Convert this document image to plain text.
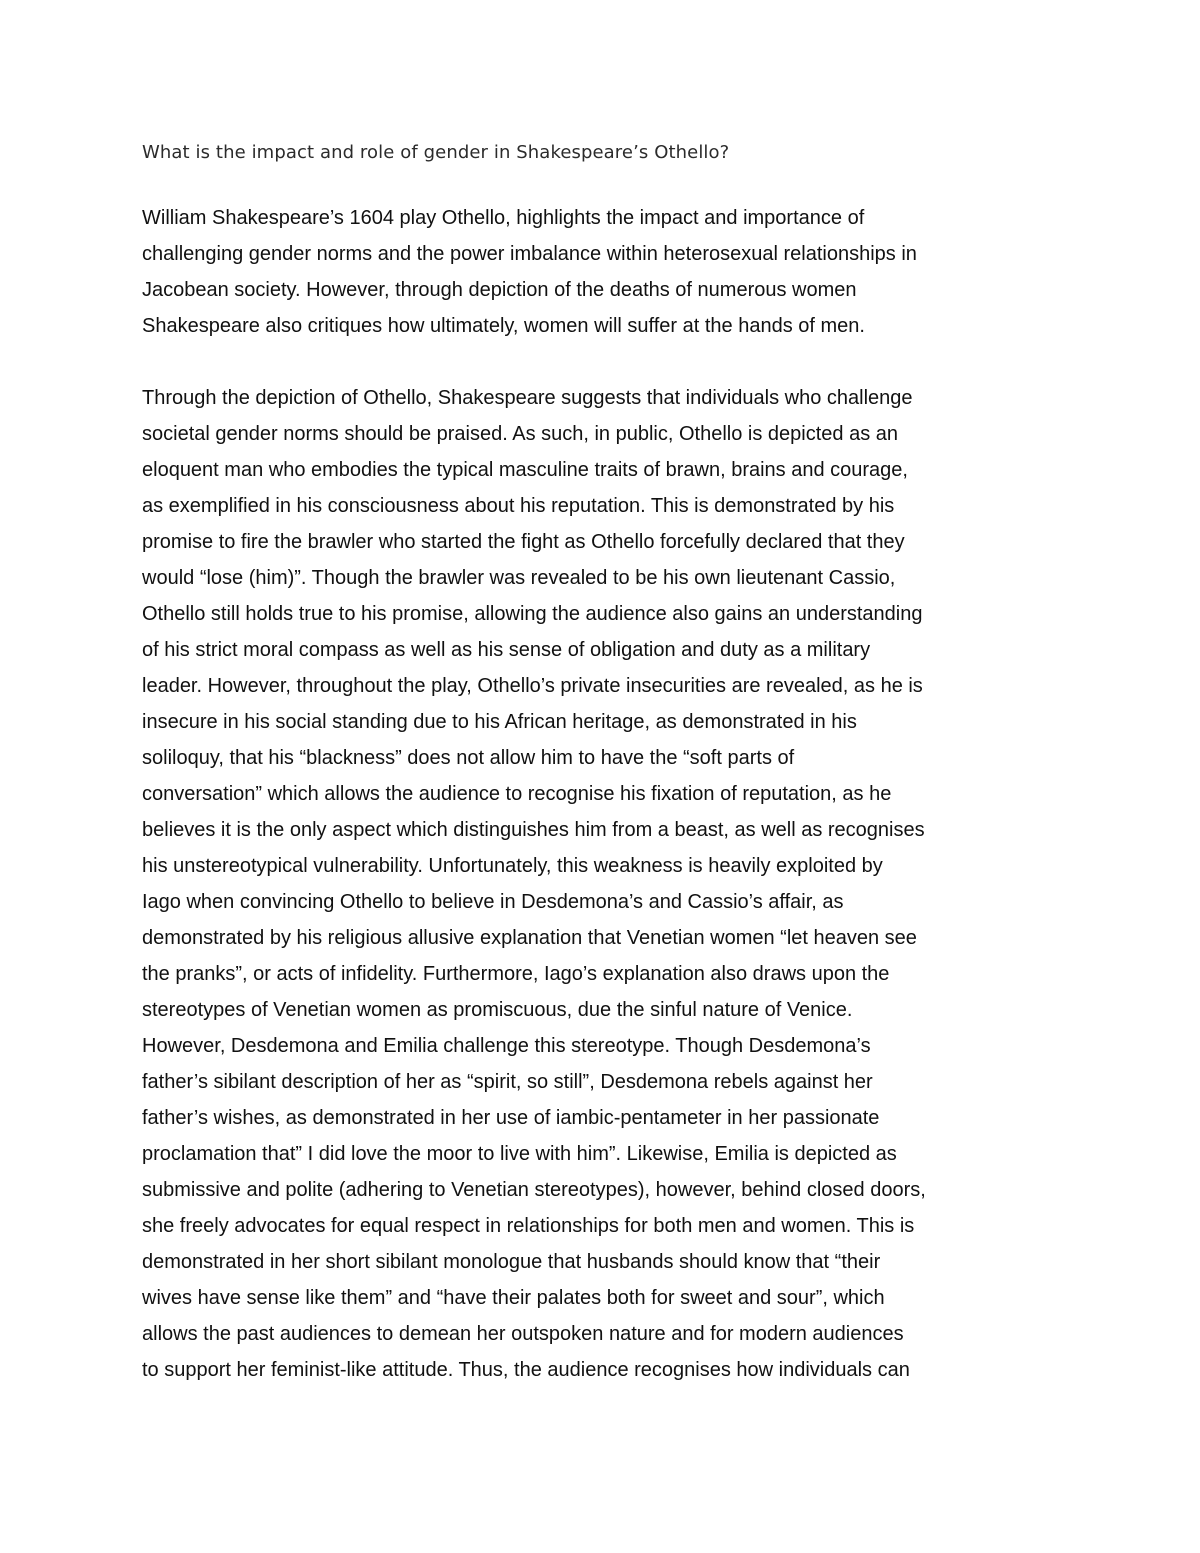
What is the impact and role of gender in Shakespeare’s Othello?

William Shakespeare’s 1604 play Othello, highlights the impact and importance of
challenging gender norms and the power imbalance within heterosexual relationships in
Jacobean society. However, through depiction of the deaths of numerous women
Shakespeare also critiques how ultimately, women will suffer at the hands of men.

Through the depiction of Othello, Shakespeare suggests that individuals who challenge
societal gender norms should be praised. As such, in public, Othello is depicted as an
eloquent man who embodies the typical masculine traits of brawn, brains and courage,
as exemplified in his consciousness about his reputation. This is demonstrated by his
promise to fire the brawler who started the fight as Othello forcefully declared that they
would “lose (him)”. Though the brawler was revealed to be his own lieutenant Cassio,
Othello still holds true to his promise, allowing the audience also gains an understanding
of his strict moral compass as well as his sense of obligation and duty as a military
leader. However, throughout the play, Othello’s private insecurities are revealed, as he is
insecure in his social standing due to his African heritage, as demonstrated in his
soliloquy, that his “blackness” does not allow him to have the “soft parts of
conversation” which allows the audience to recognise his fixation of reputation, as he
believes it is the only aspect which distinguishes him from a beast, as well as recognises
his unstereotypical vulnerability. Unfortunately, this weakness is heavily exploited by
Iago when convincing Othello to believe in Desdemona’s and Cassio’s affair, as
demonstrated by his religious allusive explanation that Venetian women “let heaven see
the pranks”, or acts of infidelity. Furthermore, Iago’s explanation also draws upon the
stereotypes of Venetian women as promiscuous, due the sinful nature of Venice.
However, Desdemona and Emilia challenge this stereotype. Though Desdemona’s
father’s sibilant description of her as “spirit, so still”, Desdemona rebels against her
father’s wishes, as demonstrated in her use of iambic-pentameter in her passionate
proclamation that” I did love the moor to live with him”. Likewise, Emilia is depicted as
submissive and polite (adhering to Venetian stereotypes), however, behind closed doors,
she freely advocates for equal respect in relationships for both men and women. This is
demonstrated in her short sibilant monologue that husbands should know that “their
wives have sense like them” and “have their palates both for sweet and sour”, which
allows the past audiences to demean her outspoken nature and for modern audiences
to support her feminist-like attitude. Thus, the audience recognises how individuals can
